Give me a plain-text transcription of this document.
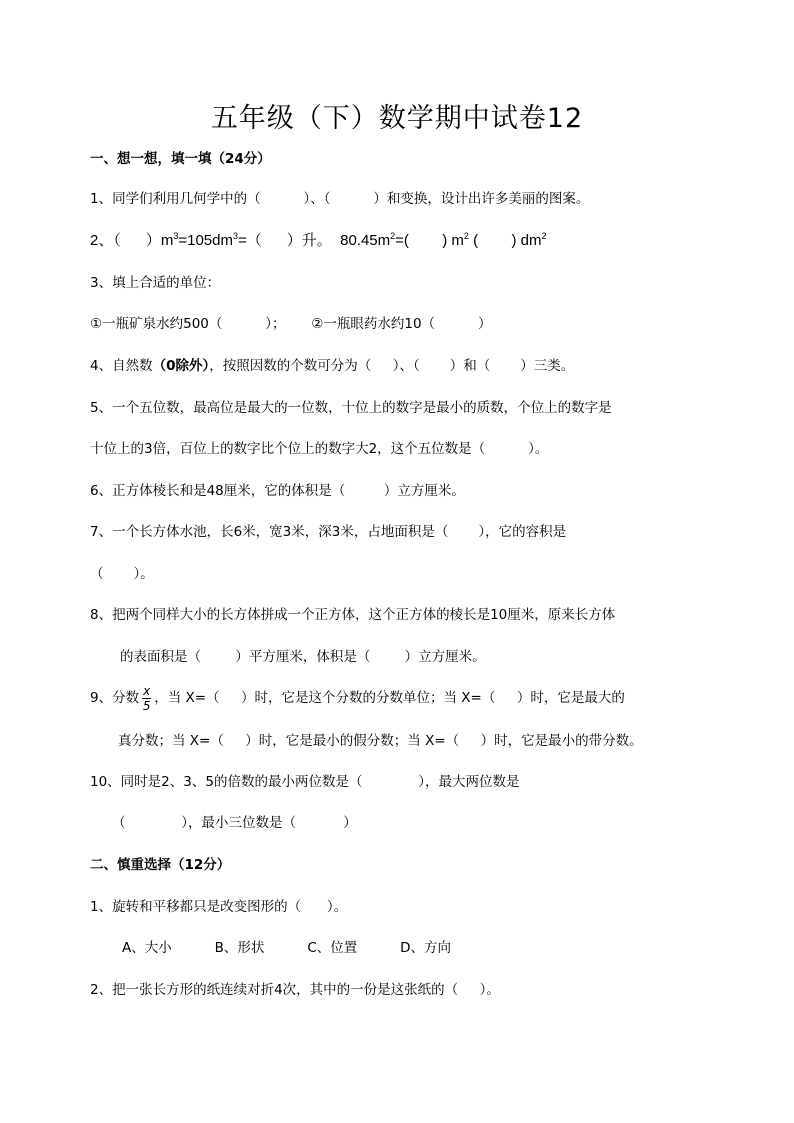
五年级（下）数学期中试卷12
一、想一想，填一填（24分）
1、同学们利用几何学中的（          ）、（          ）和变换，设计出许多美丽的图案。
2、（      ）$m^3=105dm^3=$（      ）升。  $80.45m^2=$(        ) $m^2$ (        ) $dm^2$
3、填上合适的单位：
①一瓶矿泉水约500（          ）；      ②一瓶眼药水约10（          ）
4、自然数（0除外），按照因数的个数可分为（     ）、（       ）和（       ）三类。
5、一个五位数，最高位是最大的一位数，十位上的数字是最小的质数，个位上的数字是
十位上的3倍，百位上的数字比个位上的数字大2，这个五位数是（          ）。
6、正方体棱长和是48厘米，它的体积是（         ）立方厘米。
7、一个长方体水池，长6米，宽3米，深3米，占地面积是（       ），它的容积是
（       ）。
8、把两个同样大小的长方体拼成一个正方体，这个正方体的棱长是10厘米，原来长方体
的表面积是（        ）平方厘米，体积是（        ）立方厘米。
9、分数 $\frac{x}{5}$ ，当 X=（     ）时，它是这个分数的分数单位；当 X=（     ）时，它是最大的
真分数；当 X=（     ）时，它是最小的假分数；当 X=（     ）时，它是最小的带分数。
10、同时是2、3、5的倍数的最小两位数是（             ），最大两位数是
（             ），最小三位数是（           ）
二、慎重选择（12分）
1、旋转和平移都只是改变图形的（      ）。
A、大小          B、形状          C、位置          D、方向
2、把一张长方形的纸连续对折4次，其中的一份是这张纸的（     ）。
